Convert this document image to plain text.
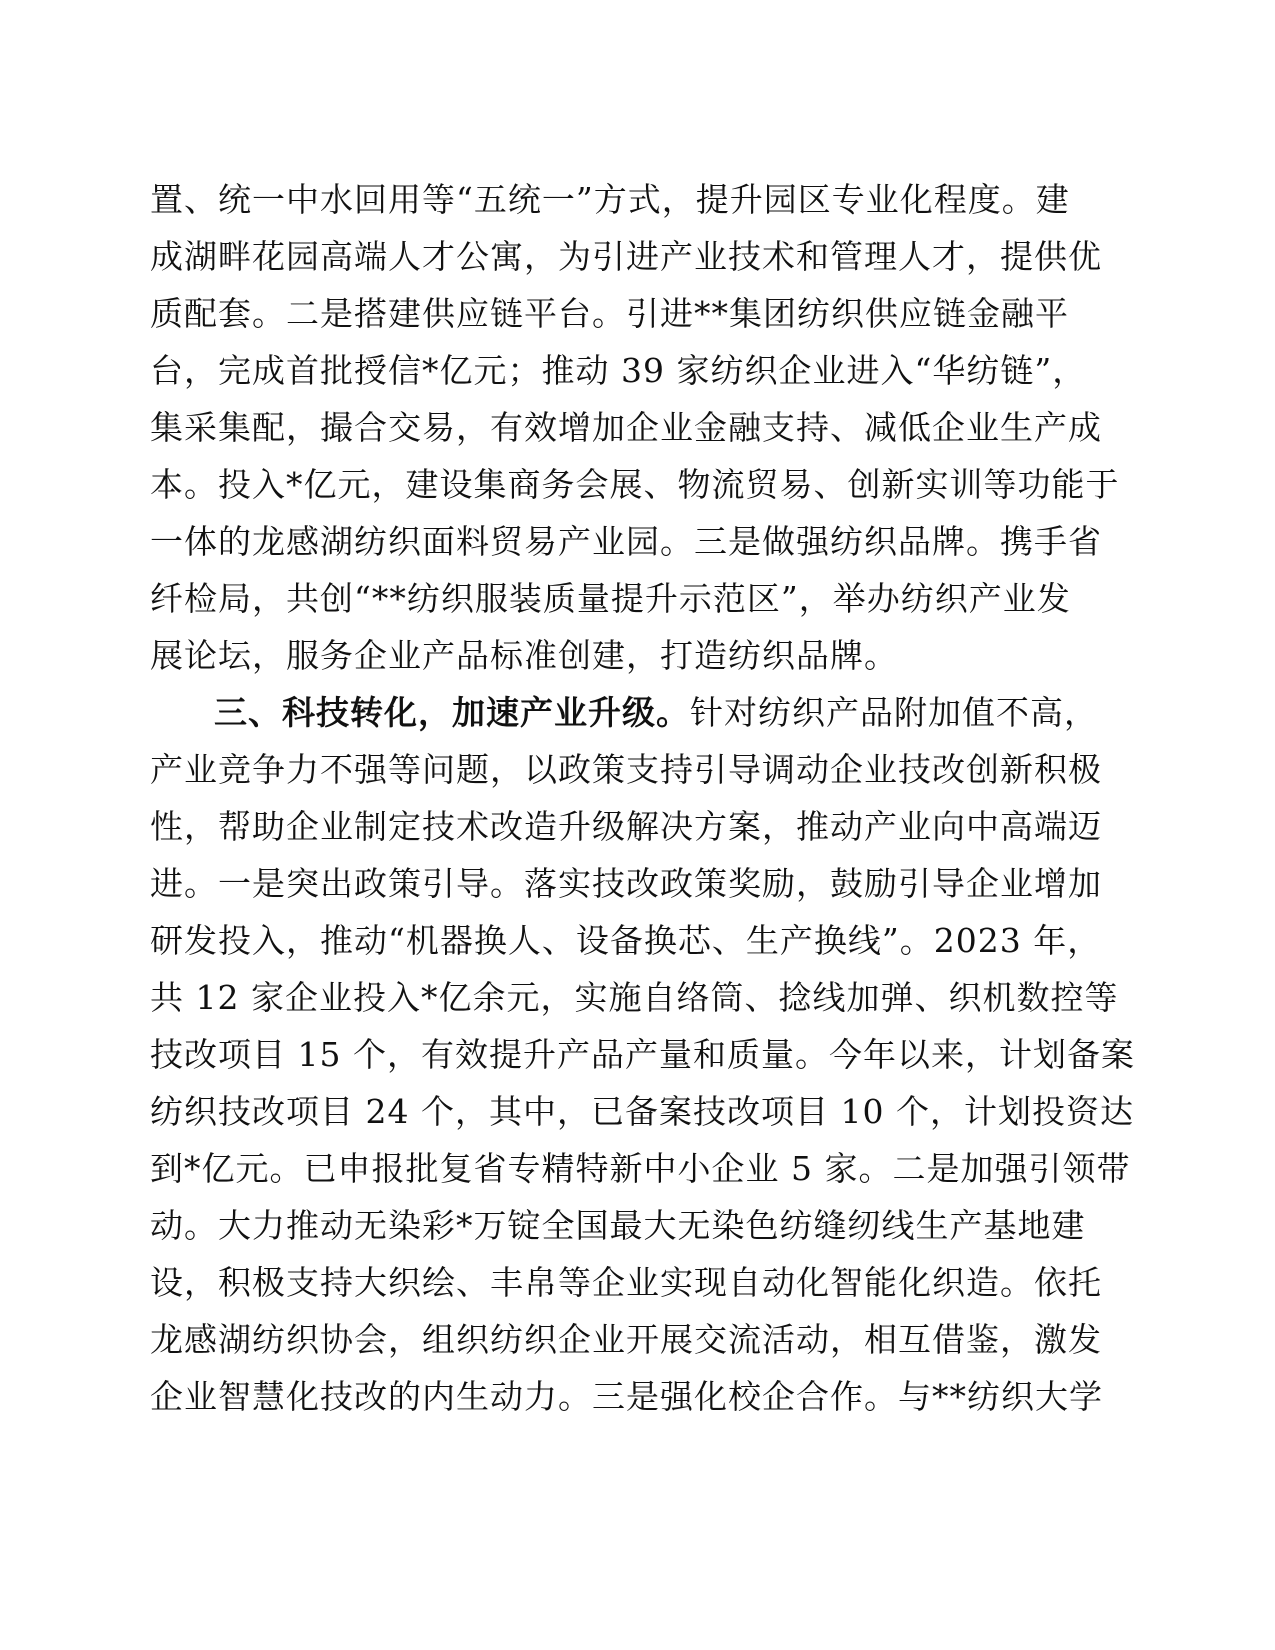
置、统一中水回用等“五统一”方式，提升园区专业化程度。建
成湖畔花园高端人才公寓，为引进产业技术和管理人才，提供优
质配套。二是搭建供应链平台。引进**集团纺织供应链金融平
台，完成首批授信*亿元；推动 39 家纺织企业进入“华纺链”，
集采集配，撮合交易，有效增加企业金融支持、减低企业生产成
本。投入*亿元，建设集商务会展、物流贸易、创新实训等功能于
一体的龙感湖纺织面料贸易产业园。三是做强纺织品牌。携手省
纤检局，共创“**纺织服装质量提升示范区”，举办纺织产业发
展论坛，服务企业产品标准创建，打造纺织品牌。
三、科技转化，加速产业升级。针对纺织产品附加值不高，
产业竞争力不强等问题，以政策支持引导调动企业技改创新积极
性，帮助企业制定技术改造升级解决方案，推动产业向中高端迈
进。一是突出政策引导。落实技改政策奖励，鼓励引导企业增加
研发投入，推动“机器换人、设备换芯、生产换线”。2023 年，
共 12 家企业投入*亿余元，实施自络筒、捻线加弹、织机数控等
技改项目 15 个，有效提升产品产量和质量。今年以来，计划备案
纺织技改项目 24 个，其中，已备案技改项目 10 个，计划投资达
到*亿元。已申报批复省专精特新中小企业 5 家。二是加强引领带
动。大力推动无染彩*万锭全国最大无染色纺缝纫线生产基地建
设，积极支持大织绘、丰帛等企业实现自动化智能化织造。依托
龙感湖纺织协会，组织纺织企业开展交流活动，相互借鉴，激发
企业智慧化技改的内生动力。三是强化校企合作。与**纺织大学
